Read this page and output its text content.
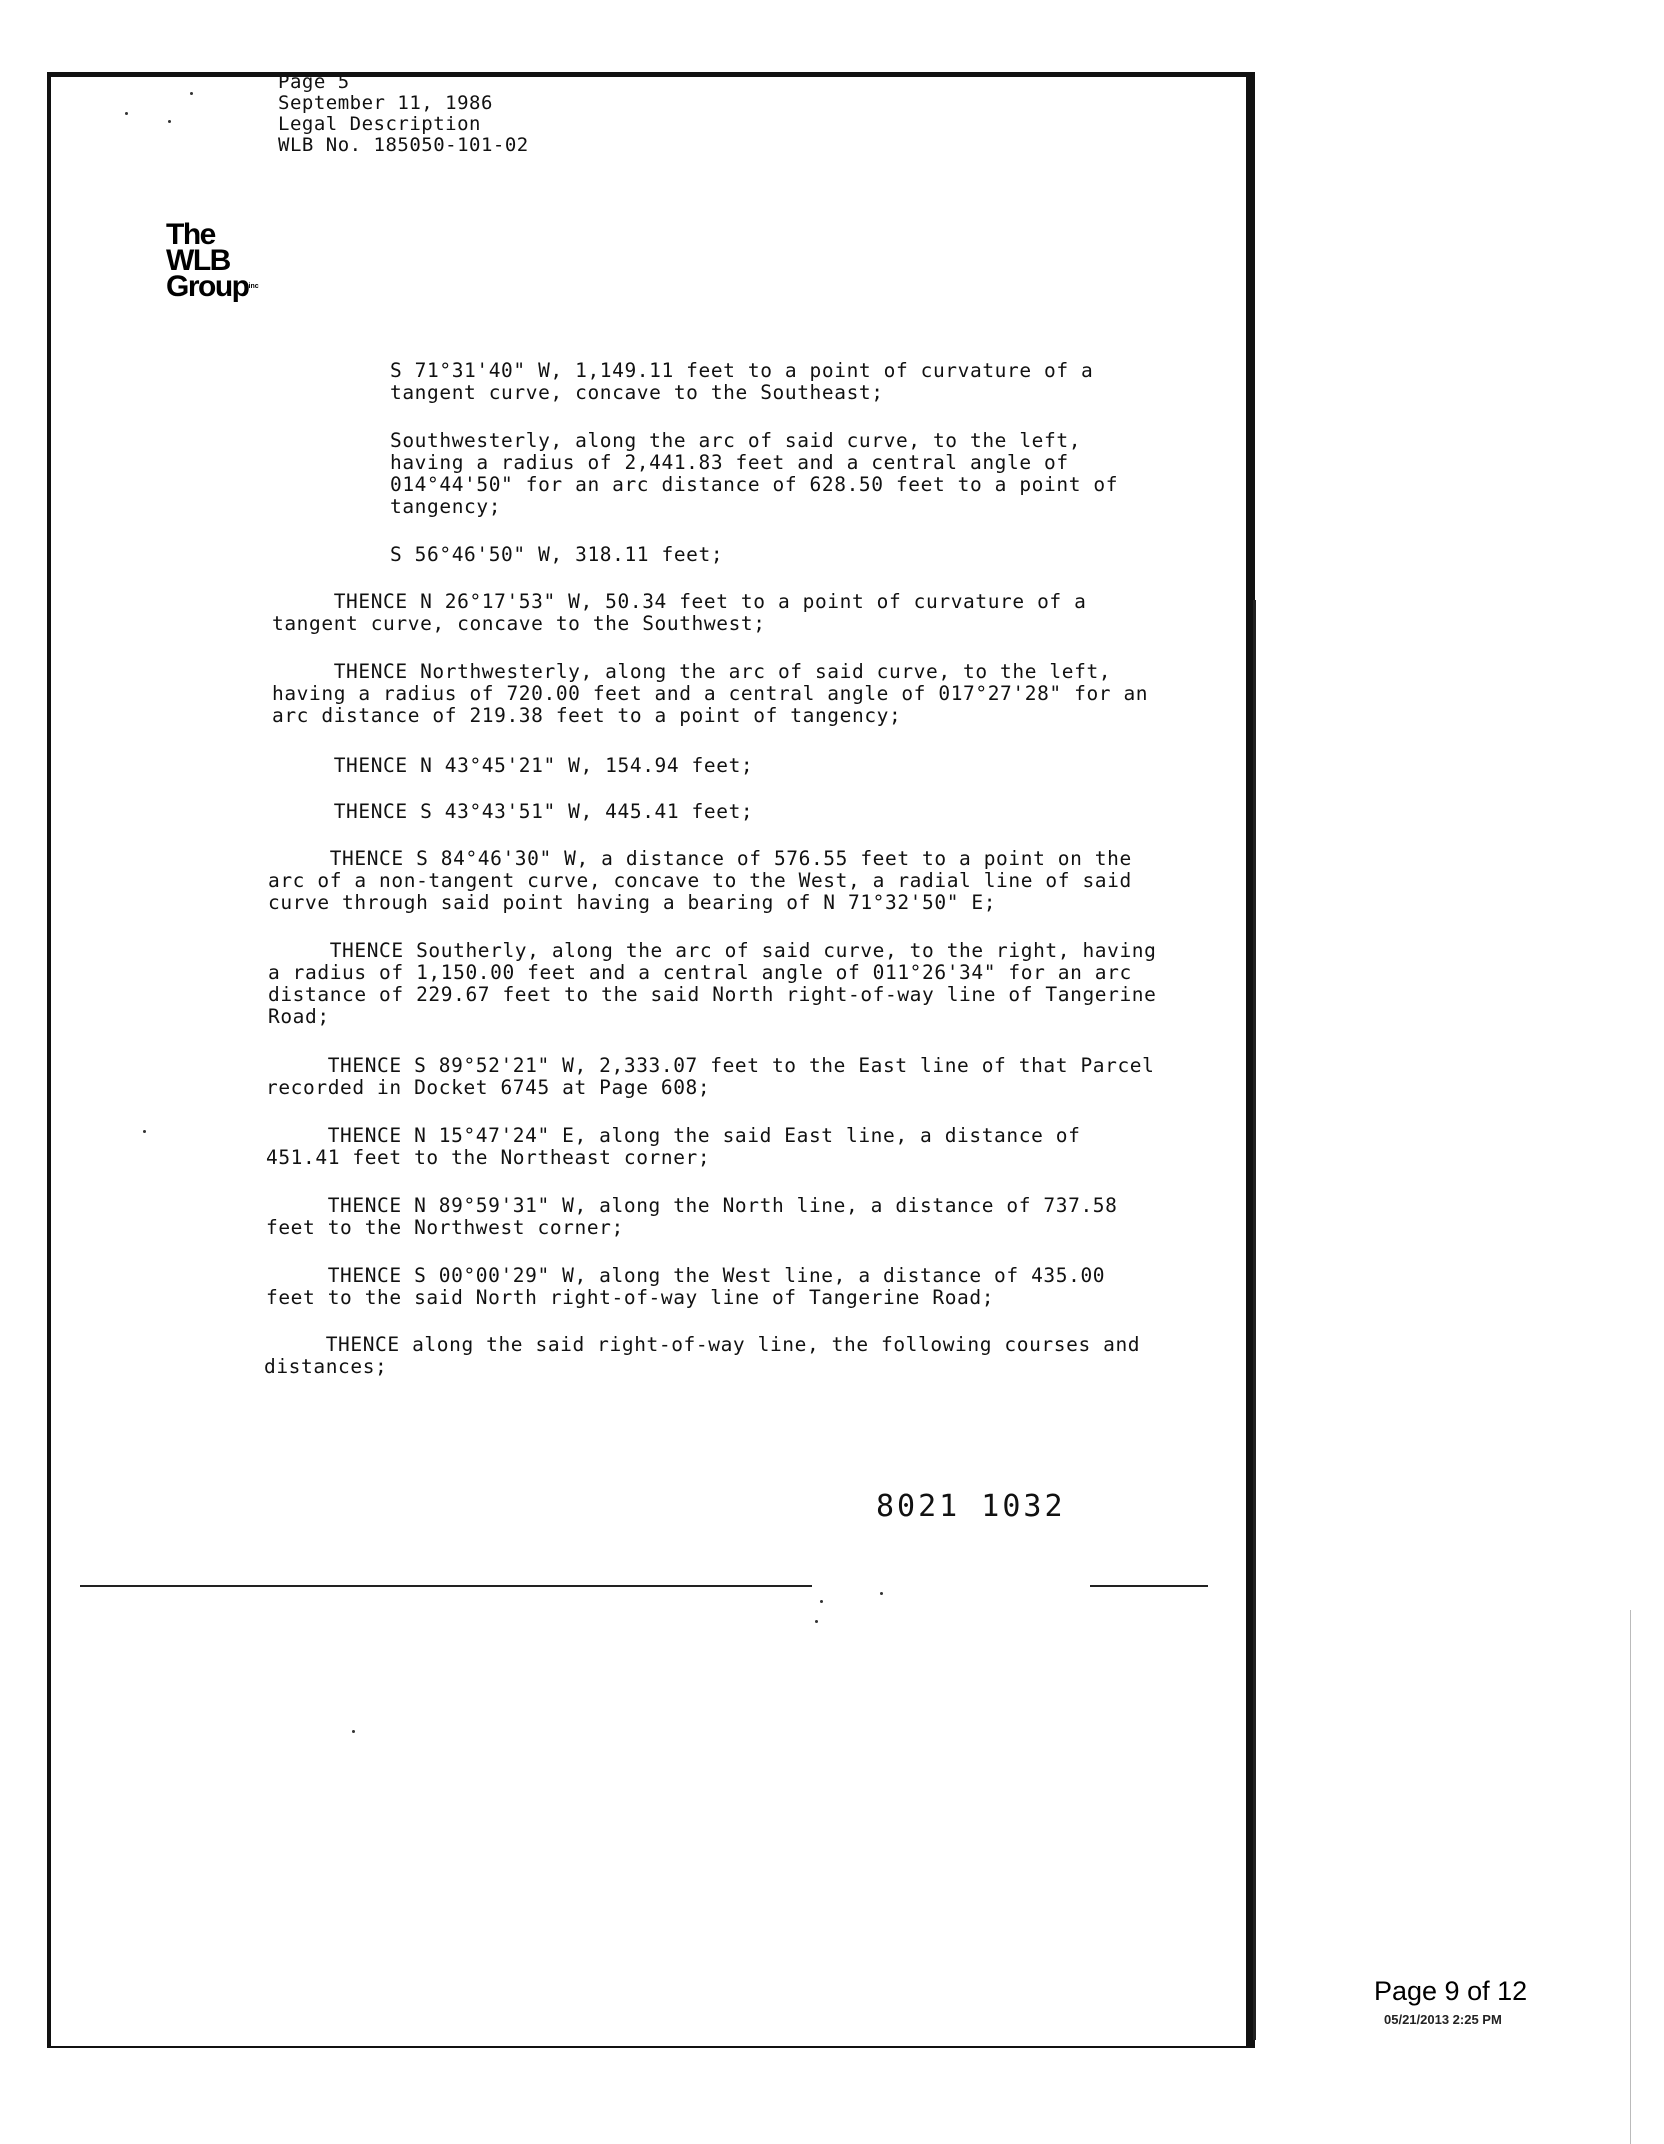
Page 5
September 11, 1986
Legal Description
WLB No. 185050-101-02
The
WLB
Groupinc
S 71°31'40" W, 1,149.11 feet to a point of curvature of a
tangent curve, concave to the Southeast;
Southwesterly, along the arc of said curve, to the left,
having a radius of 2,441.83 feet and a central angle of
014°44'50" for an arc distance of 628.50 feet to a point of
tangency;
S 56°46'50" W, 318.11 feet;
THENCE N 26°17'53" W, 50.34 feet to a point of curvature of a
tangent curve, concave to the Southwest;
THENCE Northwesterly, along the arc of said curve, to the left,
having a radius of 720.00 feet and a central angle of 017°27'28" for an
arc distance of 219.38 feet to a point of tangency;
THENCE N 43°45'21" W, 154.94 feet;
THENCE S 43°43'51" W, 445.41 feet;
THENCE S 84°46'30" W, a distance of 576.55 feet to a point on the
arc of a non-tangent curve, concave to the West, a radial line of said
curve through said point having a bearing of N 71°32'50" E;
THENCE Southerly, along the arc of said curve, to the right, having
a radius of 1,150.00 feet and a central angle of 011°26'34" for an arc
distance of 229.67 feet to the said North right-of-way line of Tangerine
Road;
THENCE S 89°52'21" W, 2,333.07 feet to the East line of that Parcel
recorded in Docket 6745 at Page 608;
THENCE N 15°47'24" E, along the said East line, a distance of
451.41 feet to the Northeast corner;
THENCE N 89°59'31" W, along the North line, a distance of 737.58
feet to the Northwest corner;
THENCE S 00°00'29" W, along the West line, a distance of 435.00
feet to the said North right-of-way line of Tangerine Road;
THENCE along the said right-of-way line, the following courses and
distances;
8021 1032
Page 9 of 12
05/21/2013 2:25 PM
